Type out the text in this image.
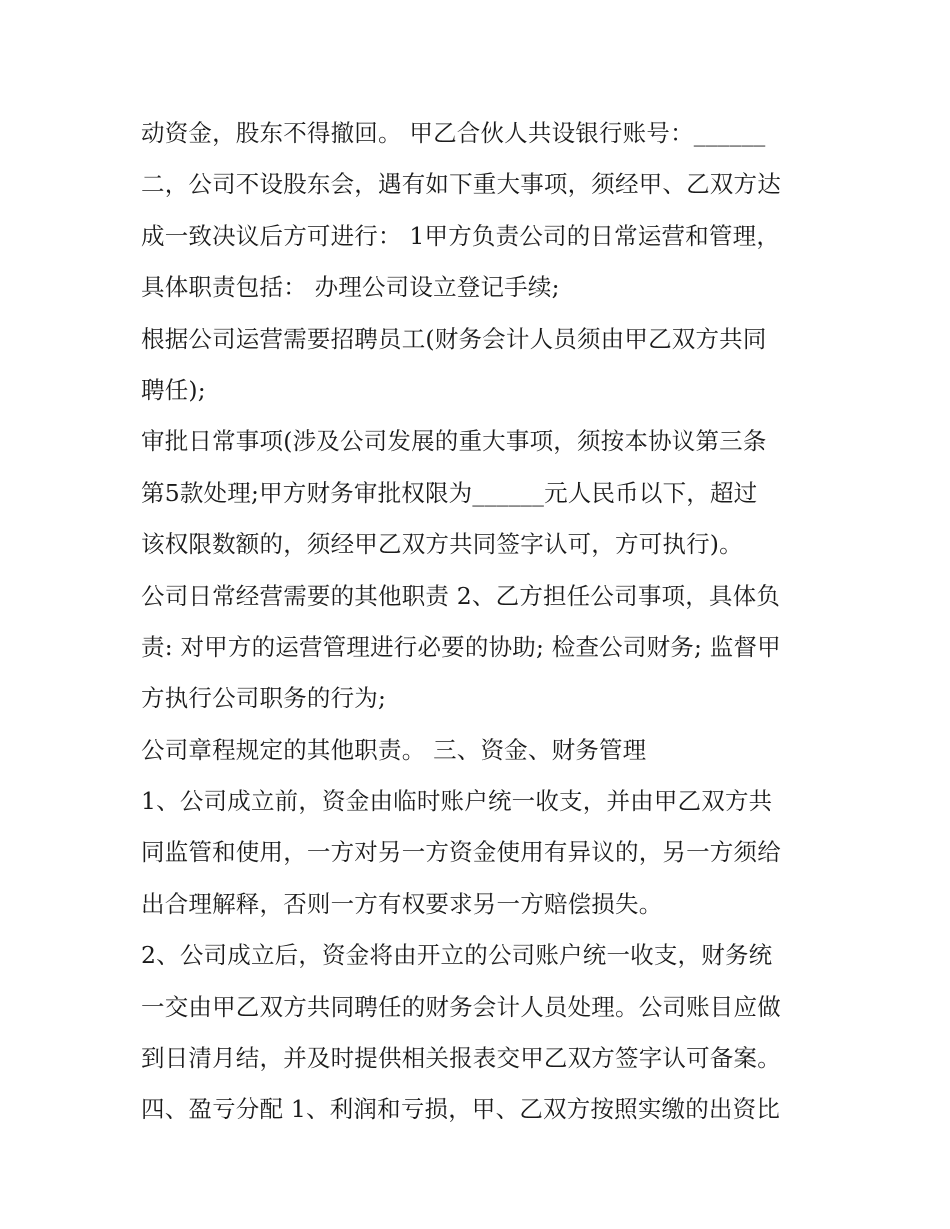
动资金，股东不得撤回。 甲乙合伙人共设银行账号：______
二，公司不设股东会，遇有如下重大事项，须经甲、乙双方达
成一致决议后方可进行： 1甲方负责公司的日常运营和管理，
具体职责包括： 办理公司设立登记手续;
根据公司运营需要招聘员工(财务会计人员须由甲乙双方共同
聘任);
审批日常事项(涉及公司发展的重大事项，须按本协议第三条
第5款处理;甲方财务审批权限为______元人民币以下，超过
该权限数额的，须经甲乙双方共同签字认可，方可执行)。
公司日常经营需要的其他职责 2、乙方担任公司事项，具体负
责: 对甲方的运营管理进行必要的协助; 检查公司财务; 监督甲
方执行公司职务的行为;
公司章程规定的其他职责。 三、资金、财务管理
1、公司成立前，资金由临时账户统一收支，并由甲乙双方共
同监管和使用，一方对另一方资金使用有异议的，另一方须给
出合理解释，否则一方有权要求另一方赔偿损失。
2、公司成立后，资金将由开立的公司账户统一收支，财务统
一交由甲乙双方共同聘任的财务会计人员处理。公司账目应做
到日清月结，并及时提供相关报表交甲乙双方签字认可备案。
四、盈亏分配 1、利润和亏损，甲、乙双方按照实缴的出资比
